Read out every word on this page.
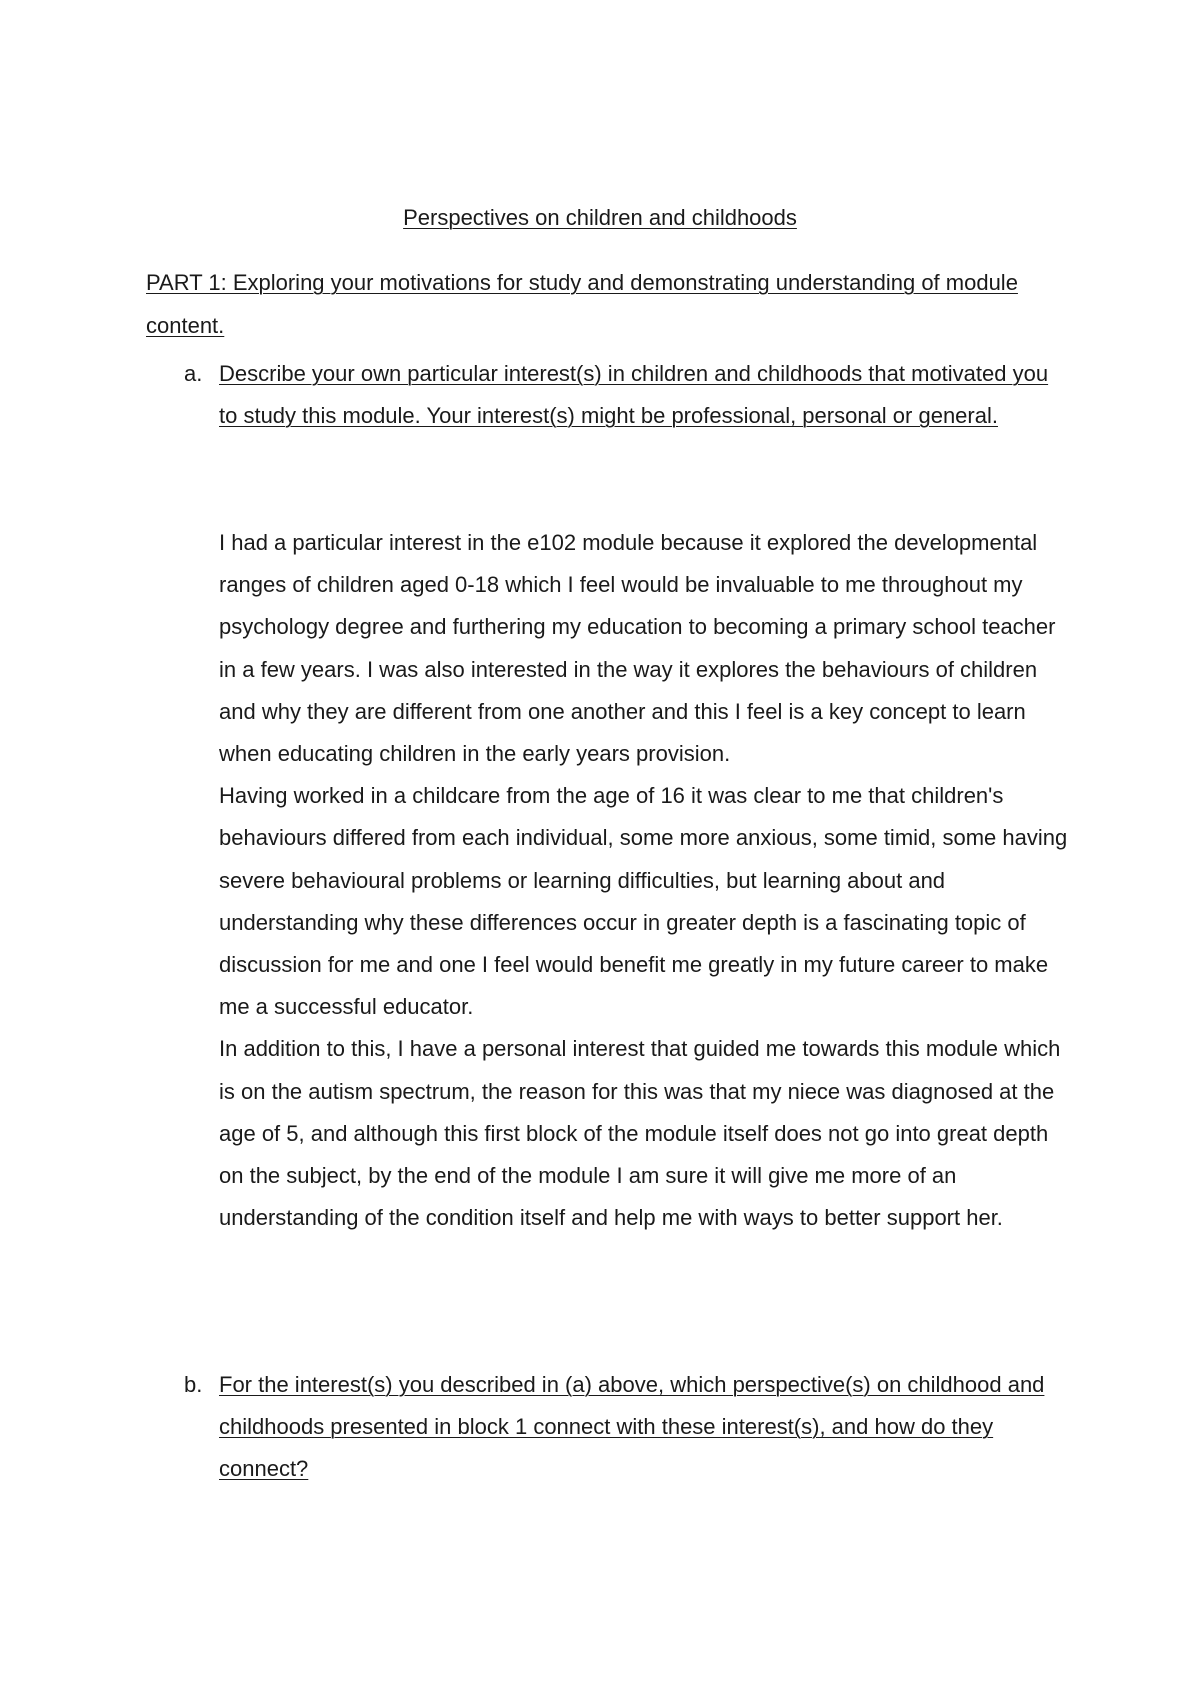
Perspectives on children and childhoods
PART 1: Exploring your motivations for study and demonstrating understanding of module content.
a. Describe your own particular interest(s) in children and childhoods that motivated you to study this module. Your interest(s) might be professional, personal or general.

I had a particular interest in the e102 module because it explored the developmental ranges of children aged 0-18 which I feel would be invaluable to me throughout my psychology degree and furthering my education to becoming a primary school teacher in a few years. I was also interested in the way it explores the behaviours of children and why they are different from one another and this I feel is a key concept to learn when educating children in the early years provision.

Having worked in a childcare from the age of 16 it was clear to me that children's behaviours differed from each individual, some more anxious, some timid, some having severe behavioural problems or learning difficulties, but learning about and understanding why these differences occur in greater depth is a fascinating topic of discussion for me and one I feel would benefit me greatly in my future career to make me a successful educator.

In addition to this, I have a personal interest that guided me towards this module which is on the autism spectrum, the reason for this was that my niece was diagnosed at the age of 5, and although this first block of the module itself does not go into great depth on the subject, by the end of the module I am sure it will give me more of an understanding of the condition itself and help me with ways to better support her.

b. For the interest(s) you described in (a) above, which perspective(s) on childhood and childhoods presented in block 1 connect with these interest(s), and how do they connect?
